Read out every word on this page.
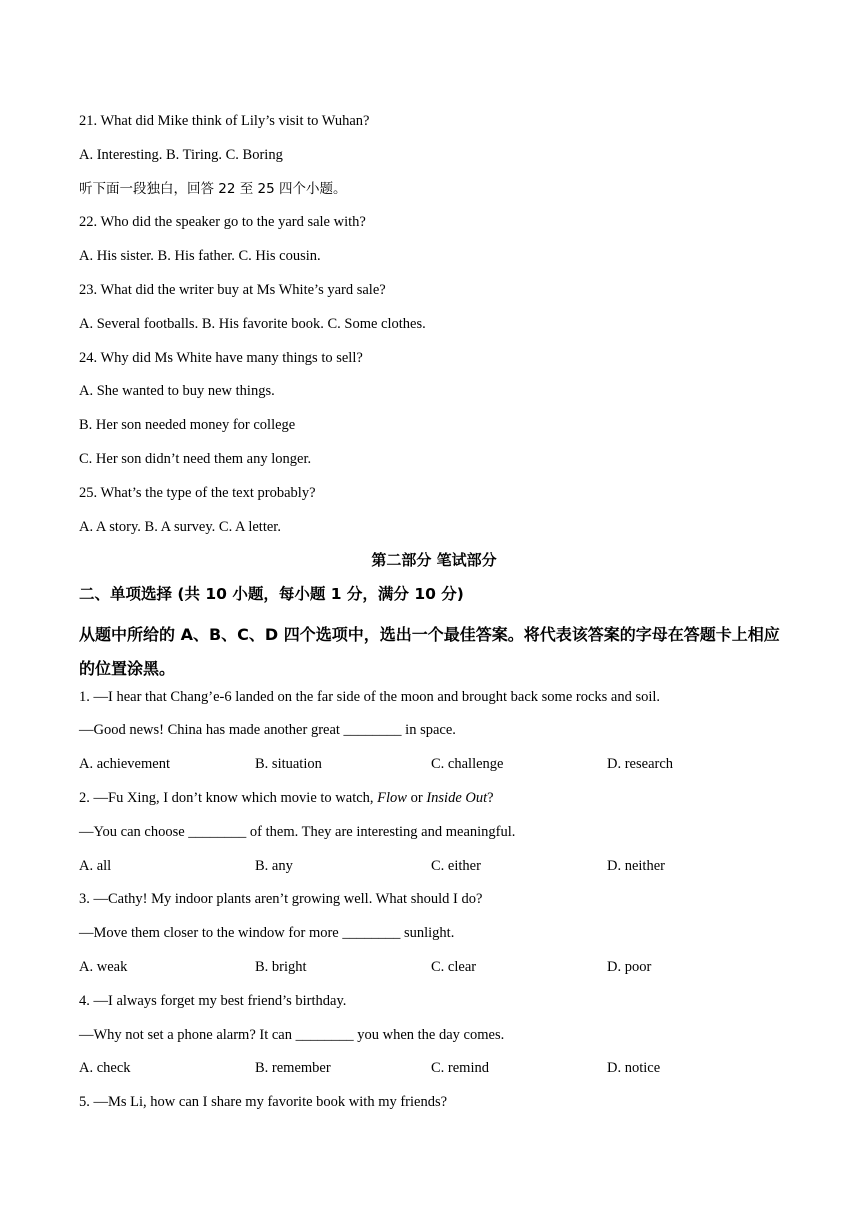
21. What did Mike think of Lily’s visit to Wuhan?
A. Interesting. B. Tiring. C. Boring
听下面一段独白，回答 22 至 25 四个小题。
22. Who did the speaker go to the yard sale with?
A. His sister. B. His father. C. His cousin.
23. What did the writer buy at Ms White’s yard sale?
A. Several footballs. B. His favorite book. C. Some clothes.
24. Why did Ms White have many things to sell?
A. She wanted to buy new things.
B. Her son needed money for college
C. Her son didn’t need them any longer.
25. What’s the type of the text probably?
A. A story. B. A survey. C. A letter.
第二部分 笔试部分
二、单项选择 (共 10 小题，每小题 1 分，满分 10 分)
从题中所给的 A、B、C、D 四个选项中，选出一个最佳答案。将代表该答案的字母在答题卡上相应的位置涂黑。
1. —I hear that Chang’e-6 landed on the far side of the moon and brought back some rocks and soil.
—Good news! China has made another great ________ in space.
A. achievement	B. situation	C. challenge	D. research
2. —Fu Xing, I don’t know which movie to watch, Flow or Inside Out?
—You can choose ________ of them. They are interesting and meaningful.
A. all	B. any	C. either	D. neither
3. —Cathy! My indoor plants aren’t growing well. What should I do?
—Move them closer to the window for more ________ sunlight.
A. weak	B. bright	C. clear	D. poor
4. —I always forget my best friend’s birthday.
—Why not set a phone alarm? It can ________ you when the day comes.
A. check	B. remember	C. remind	D. notice
5. —Ms Li, how can I share my favorite book with my friends?
